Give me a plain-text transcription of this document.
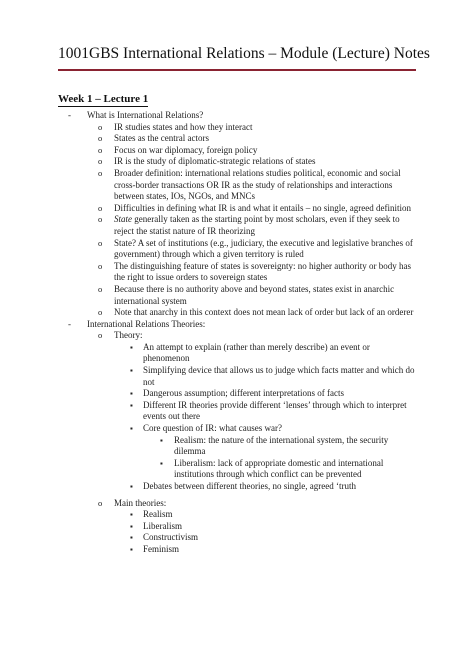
1001GBS International Relations – Module (Lecture) Notes
Week 1 – Lecture 1
- What is International Relations?
o IR studies states and how they interact
o States as the central actors
o Focus on war diplomacy, foreign policy
o IR is the study of diplomatic-strategic relations of states
o Broader definition: international relations studies political, economic and social cross-border transactions OR IR as the study of relationships and interactions between states, IOs, NGOs, and MNCs
o Difficulties in defining what IR is and what it entails – no single, agreed definition
o State generally taken as the starting point by most scholars, even if they seek to reject the statist nature of IR theorizing
o State? A set of institutions (e.g., judiciary, the executive and legislative branches of government) through which a given territory is ruled
o The distinguishing feature of states is sovereignty: no higher authority or body has the right to issue orders to sovereign states
o Because there is no authority above and beyond states, states exist in anarchic international system
o Note that anarchy in this context does not mean lack of order but lack of an orderer
- International Relations Theories:
o Theory:
▪ An attempt to explain (rather than merely describe) an event or phenomenon
▪ Simplifying device that allows us to judge which facts matter and which do not
▪ Dangerous assumption; different interpretations of facts
▪ Different IR theories provide different ‘lenses’ through which to interpret events out there
▪ Core question of IR: what causes war?
▪ Realism: the nature of the international system, the security dilemma
▪ Liberalism: lack of appropriate domestic and international institutions through which conflict can be prevented
▪ Debates between different theories, no single, agreed ‘truth
o Main theories:
▪ Realism
▪ Liberalism
▪ Constructivism
▪ Feminism
